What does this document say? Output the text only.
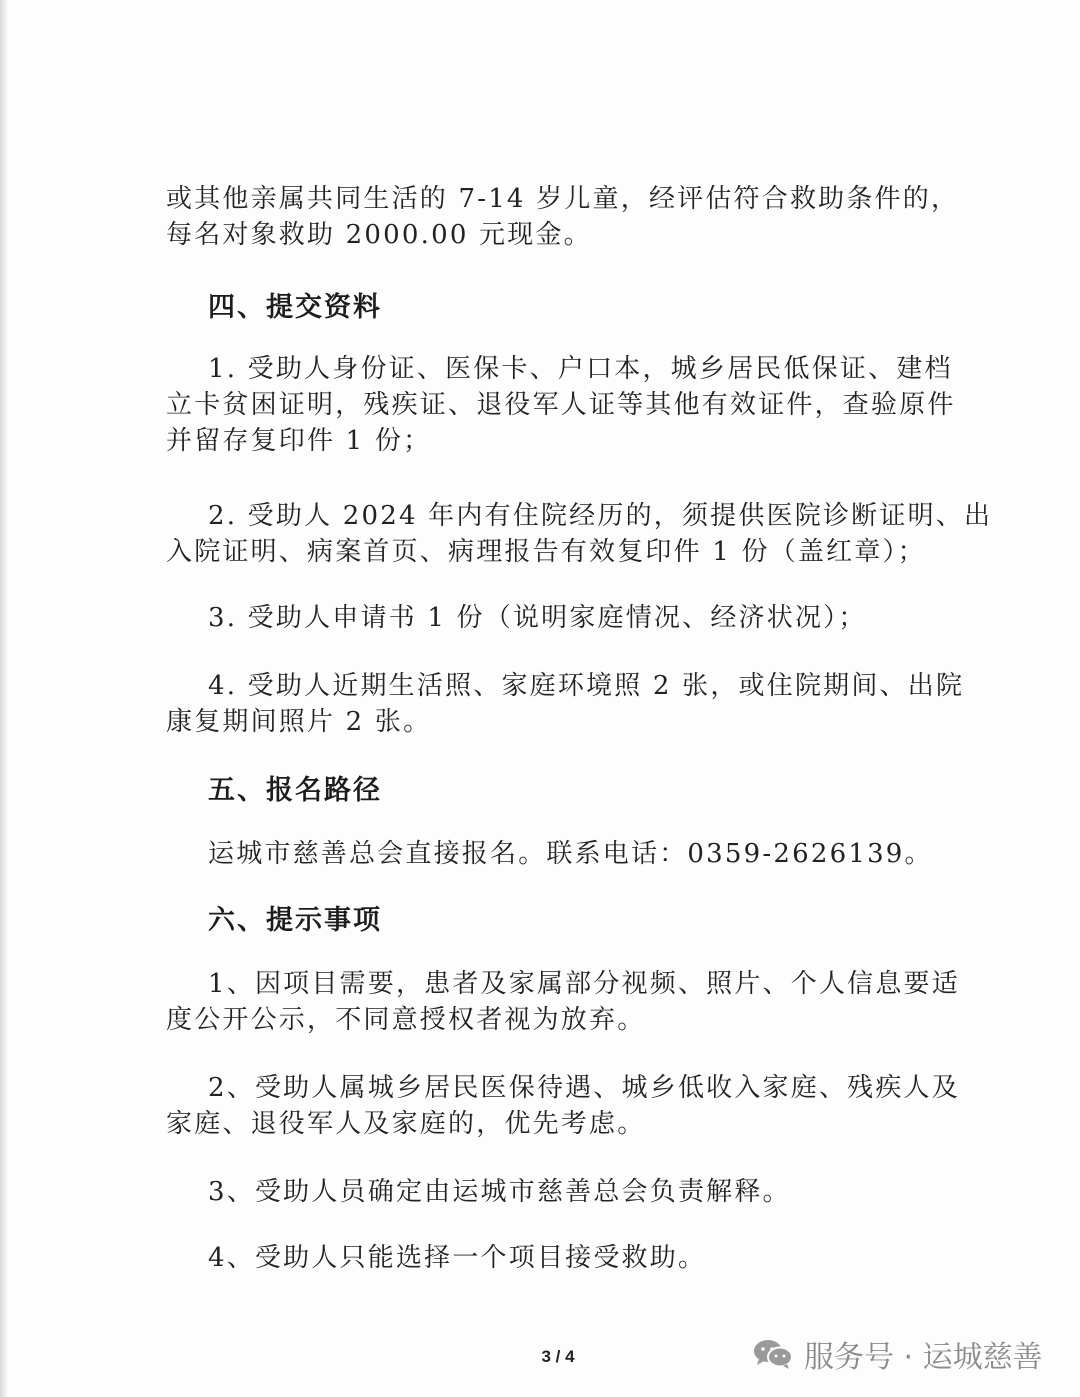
或其他亲属共同生活的 7-14 岁儿童，经评估符合救助条件的，
每名对象救助 2000.00 元现金。

四、提交资料

1. 受助人身份证、医保卡、户口本，城乡居民低保证、建档
立卡贫困证明，残疾证、退役军人证等其他有效证件，查验原件
并留存复印件 1 份；

2. 受助人 2024 年内有住院经历的，须提供医院诊断证明、出
入院证明、病案首页、病理报告有效复印件 1 份（盖红章）；

3. 受助人申请书 1 份（说明家庭情况、经济状况）；

4. 受助人近期生活照、家庭环境照 2 张，或住院期间、出院
康复期间照片 2 张。

五、报名路径

运城市慈善总会直接报名。联系电话：0359-2626139。

六、提示事项

1、因项目需要，患者及家属部分视频、照片、个人信息要适
度公开公示，不同意授权者视为放弃。

2、受助人属城乡居民医保待遇、城乡低收入家庭、残疾人及
家庭、退役军人及家庭的，优先考虑。

3、受助人员确定由运城市慈善总会负责解释。

4、受助人只能选择一个项目接受救助。

3 / 4	服务号 · 运城慈善
